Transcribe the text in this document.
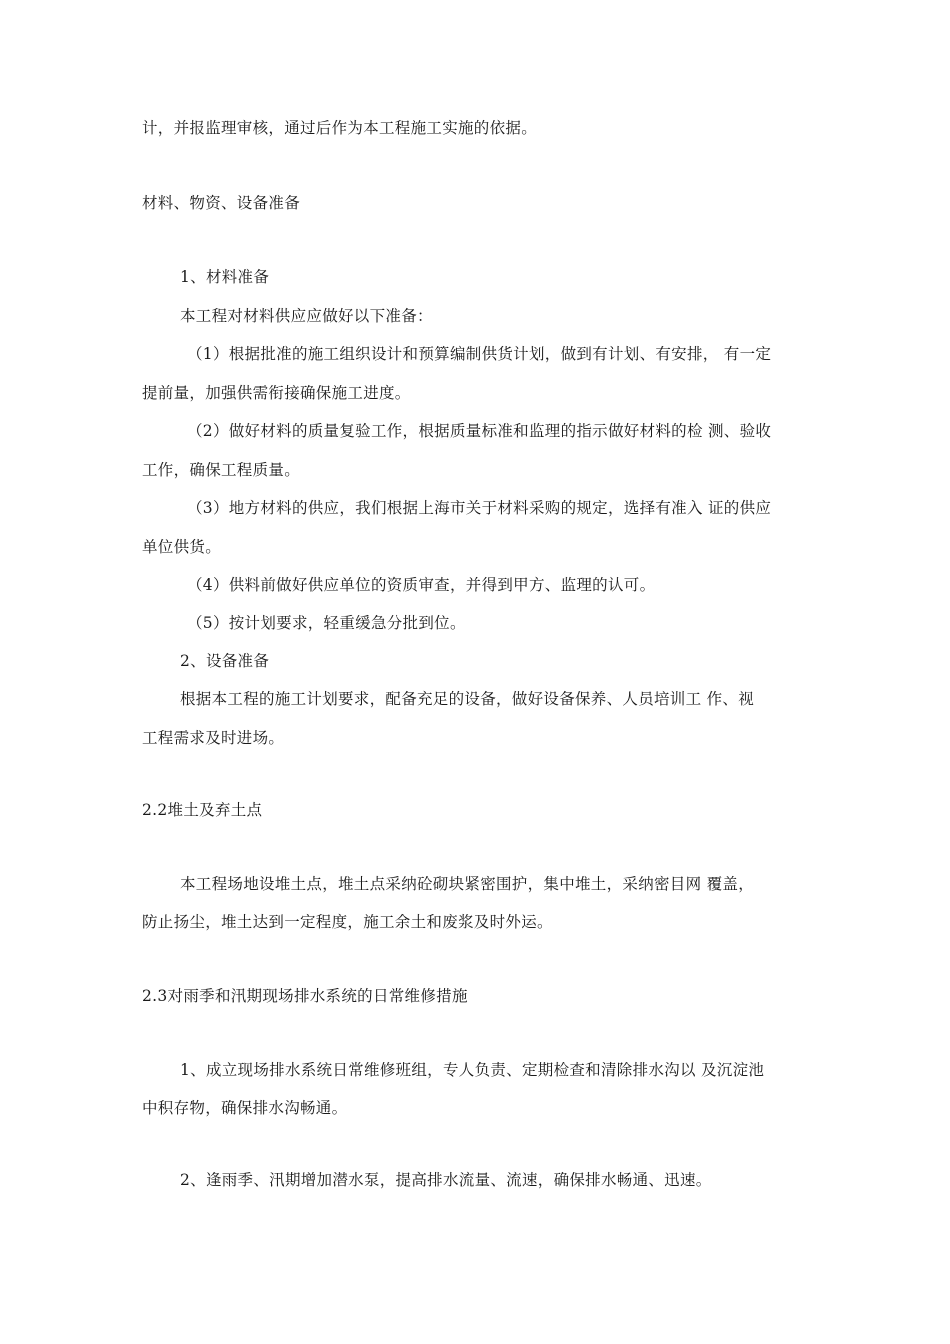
计，并报监理审核，通过后作为本工程施工实施的依据。
材料、物资、设备准备
1、材料准备
本工程对材料供应应做好以下准备：
（1）根据批准的施工组织设计和预算编制供货计划，做到有计划、有安排， 有一定
提前量，加强供需衔接确保施工进度。
（2）做好材料的质量复验工作，根据质量标准和监理的指示做好材料的检 测、验收
工作，确保工程质量。
（3）地方材料的供应，我们根据上海市关于材料采购的规定，选择有准入 证的供应
单位供货。
（4）供料前做好供应单位的资质审查，并得到甲方、监理的认可。
（5）按计划要求，轻重缓急分批到位。
2、设备准备
根据本工程的施工计划要求，配备充足的设备，做好设备保养、人员培训工 作、视
工程需求及时进场。
2.2堆土及弃土点
本工程场地设堆土点，堆土点采纳砼砌块紧密围护，集中堆土，采纳密目网 覆盖，
防止扬尘，堆土达到一定程度，施工余土和废浆及时外运。
2.3对雨季和汛期现场排水系统的日常维修措施
1、成立现场排水系统日常维修班组，专人负责、定期检查和清除排水沟以 及沉淀池
中积存物，确保排水沟畅通。
2、逢雨季、汛期增加潜水泵，提高排水流量、流速，确保排水畅通、迅速。
